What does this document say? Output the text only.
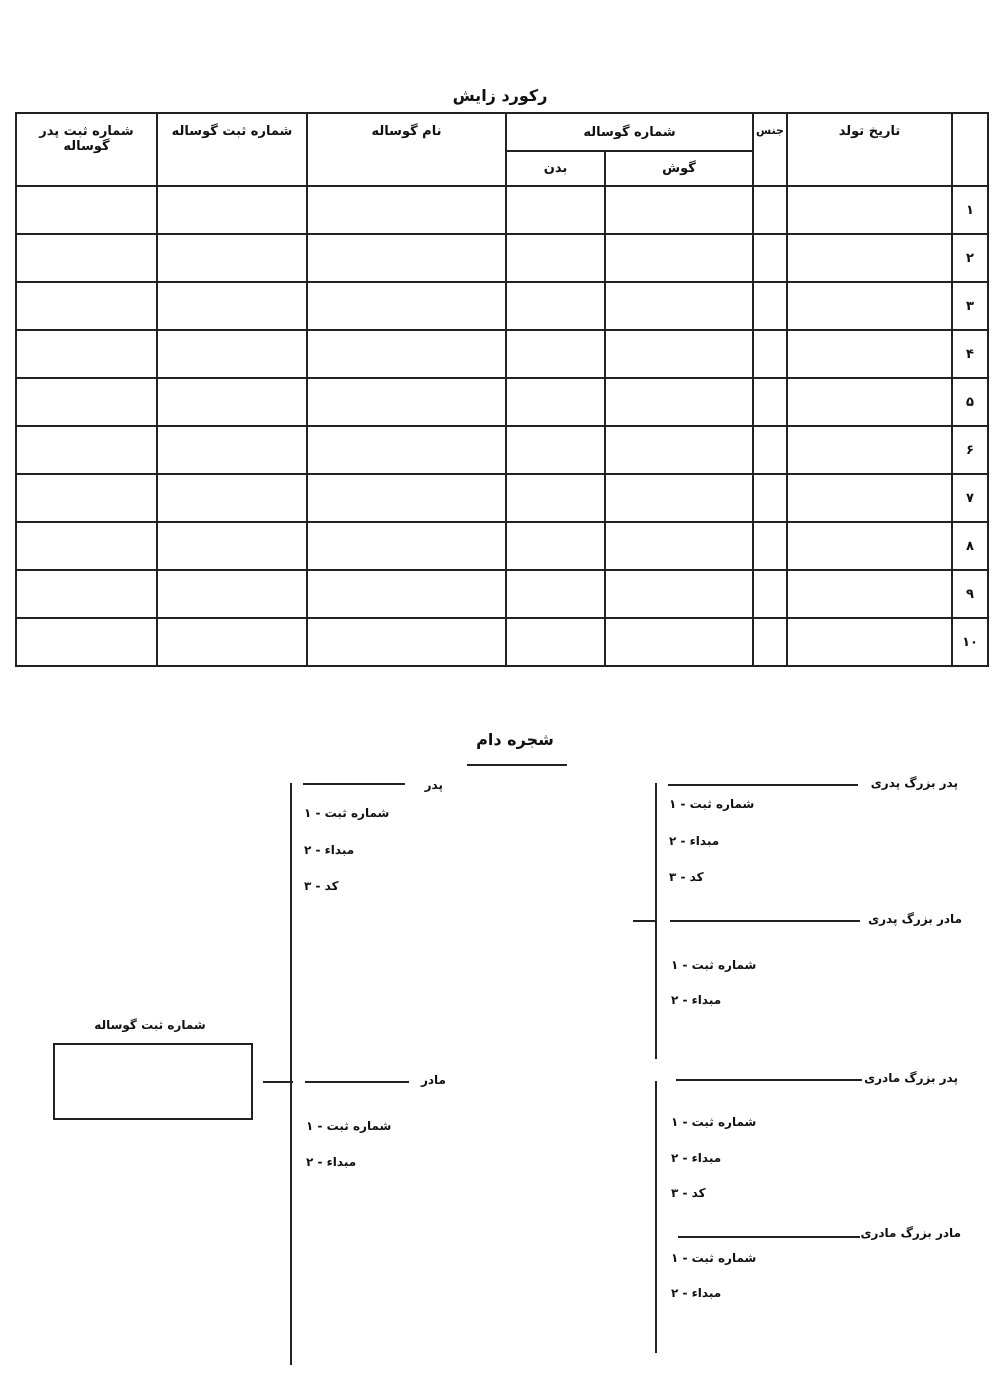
رکورد زایش
	تاریخ تولد	جنس	شماره گوساله		نام گوساله	شماره ثبت گوساله	شماره ثبت پدر گوساله
			گوش	بدن			
۱							
۲							
۳							
۴							
۵							
۶							
۷							
۸							
۹							
۱۰							
شجره دام
شماره ثبت گوساله
پدر
شماره ثبت - ۱
مبداء - ۲
کد - ۳
مادر
شماره ثبت - ۱
مبداء - ۲
پدر بزرگ پدری
شماره ثبت - ۱
مبداء - ۲
کد - ۳
مادر بزرگ پدری
شماره ثبت - ۱
مبداء - ۲
پدر بزرگ مادری
شماره ثبت - ۱
مبداء - ۲
کد - ۳
مادر بزرگ مادری
شماره ثبت - ۱
مبداء - ۲
